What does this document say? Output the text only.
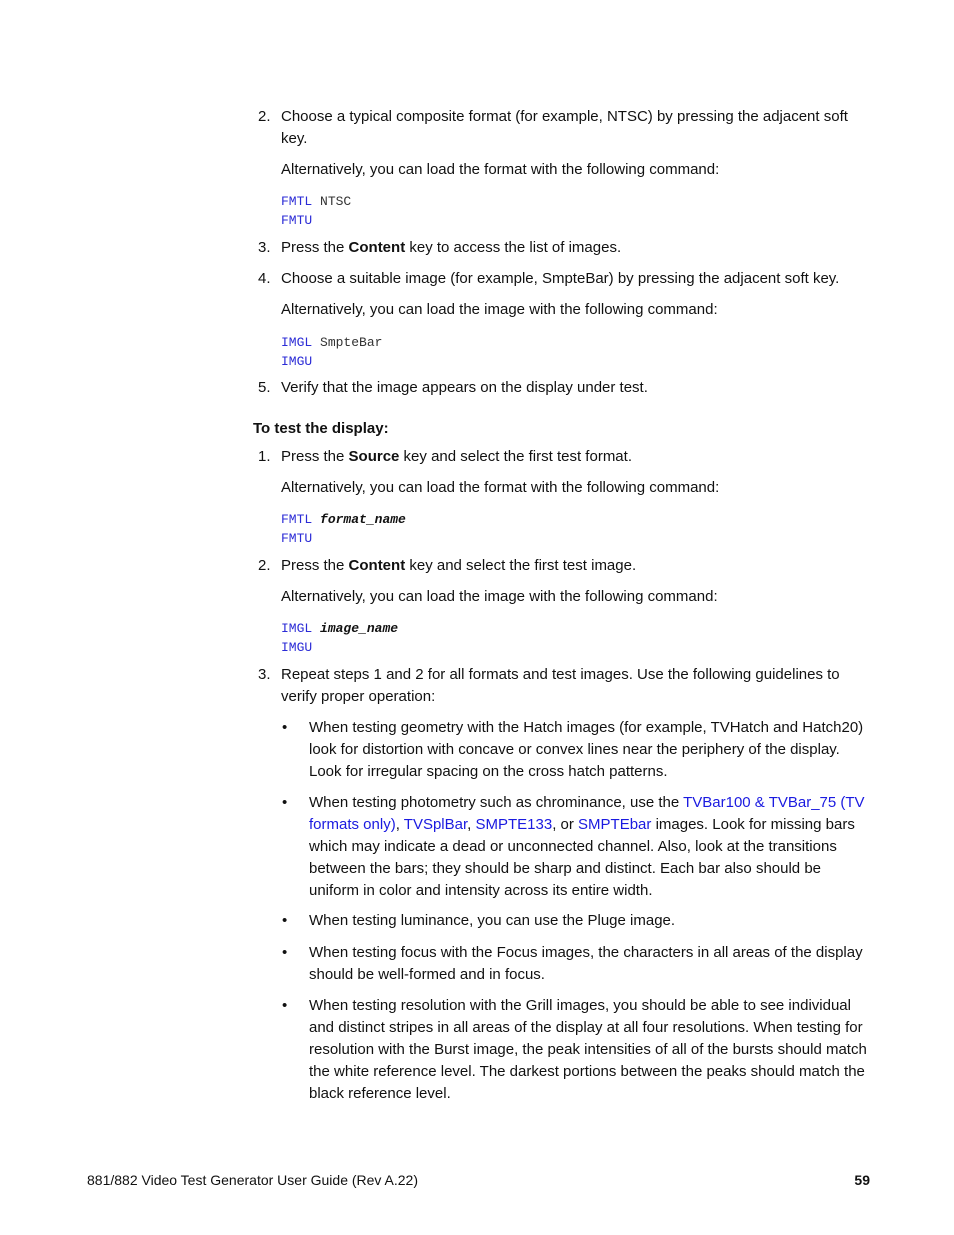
2. Choose a typical composite format (for example, NTSC) by pressing the adjacent soft key.
Alternatively, you can load the format with the following command:
FMTL NTSC
FMTU
3. Press the Content key to access the list of images.
4. Choose a suitable image (for example, SmpteBar) by pressing the adjacent soft key.
Alternatively, you can load the image with the following command:
IMGL SmpteBar
IMGU
5. Verify that the image appears on the display under test.
To test the display:
1. Press the Source key and select the first test format.
Alternatively, you can load the format with the following command:
FMTL format_name
FMTU
2. Press the Content key and select the first test image.
Alternatively, you can load the image with the following command:
IMGL image_name
IMGU
3. Repeat steps 1 and 2 for all formats and test images. Use the following guidelines to verify proper operation:
•	When testing geometry with the Hatch images (for example, TVHatch and Hatch20) look for distortion with concave or convex lines near the periphery of the display. Look for irregular spacing on the cross hatch patterns.
•	When testing photometry such as chrominance, use the TVBar100 & TVBar_75 (TV formats only), TVSplBar, SMPTE133, or SMPTEbar images. Look for missing bars which may indicate a dead or unconnected channel. Also, look at the transitions between the bars; they should be sharp and distinct. Each bar also should be uniform in color and intensity across its entire width.
•	When testing luminance, you can use the Pluge image.
•	When testing focus with the Focus images, the characters in all areas of the display should be well-formed and in focus.
•	When testing resolution with the Grill images, you should be able to see individual and distinct stripes in all areas of the display at all four resolutions. When testing for resolution with the Burst image, the peak intensities of all of the bursts should match the white reference level. The darkest portions between the peaks should match the black reference level.
881/882 Video Test Generator User Guide (Rev A.22)	59
